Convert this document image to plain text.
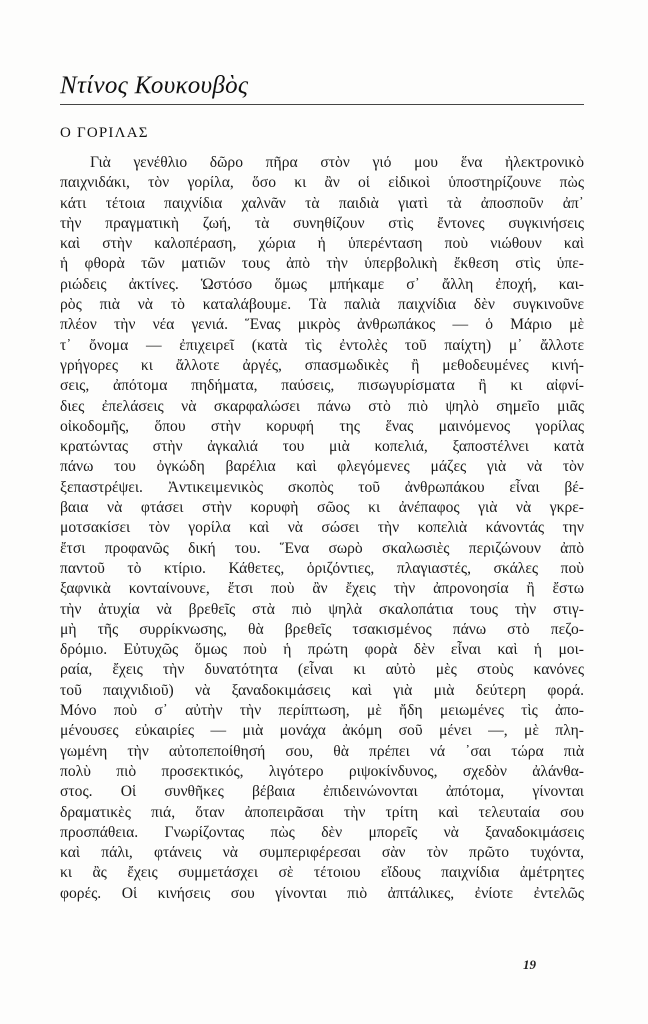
Ντίνος Κουκουβὸς
Ο ΓΟΡΙΛΑΣ
Γιὰ γενέθλιο δῶρο πῆρα στὸν γιό μου ἕνα ἠλεκτρονικὸ
παιχνιδάκι, τὸν γορίλα, ὅσο κι ἂν οἱ εἰδικοὶ ὑποστηρίζουνε πὼς
κάτι τέτοια παιχνίδια χαλνᾶν τὰ παιδιὰ γιατὶ τὰ ἀποσποῦν ἀπ᾽
τὴν πραγματικὴ ζωή, τὰ συνηθίζουν στὶς ἔντονες συγκινήσεις
καὶ στὴν καλοπέραση, χώρια ἡ ὑπερένταση ποὺ νιώθουν καὶ
ἡ φθορὰ τῶν ματιῶν τους ἀπὸ τὴν ὑπερβολικὴ ἔκθεση στὶς ὑπε-
ριώδεις ἀκτίνες. Ὡστόσο ὅμως μπήκαμε σ᾽ ἄλλη ἐποχή, και-
ρὸς πιὰ νὰ τὸ καταλάβουμε. Τὰ παλιὰ παιχνίδια δὲν συγκινοῦνε
πλέον τὴν νέα γενιά. Ἕνας μικρὸς ἀνθρωπάκος — ὁ Μάριο μὲ
τ᾽ ὄνομα — ἐπιχειρεῖ (κατὰ τὶς ἐντολὲς τοῦ παίχτη) μ᾽ ἄλλοτε
γρήγορες κι ἄλλοτε ἀργές, σπασμωδικὲς ἢ μεθοδευμένες κινή-
σεις, ἀπότομα πηδήματα, παύσεις, πισωγυρίσματα ἢ κι αἰφνί-
διες ἐπελάσεις νὰ σκαρφαλώσει πάνω στὸ πιὸ ψηλὸ σημεῖο μιᾶς
οἰκοδομῆς, ὅπου στὴν κορυφή της ἕνας μαινόμενος γορίλας
κρατώντας στὴν ἀγκαλιά του μιὰ κοπελιά, ξαποστέλνει κατὰ
πάνω του ὀγκώδη βαρέλια καὶ φλεγόμενες μάζες γιὰ νὰ τὸν
ξεπαστρέψει. Ἀντικειμενικὸς σκοπὸς τοῦ ἀνθρωπάκου εἶναι βέ-
βαια νὰ φτάσει στὴν κορυφὴ σῶος κι ἀνέπαφος γιὰ νὰ γκρε-
μοτσακίσει τὸν γορίλα καὶ νὰ σώσει τὴν κοπελιὰ κάνοντάς την
ἔτσι προφανῶς δική του. Ἕνα σωρὸ σκαλωσιὲς περιζώνουν ἀπὸ
παντοῦ τὸ κτίριο. Κάθετες, ὁριζόντιες, πλαγιαστές, σκάλες ποὺ
ξαφνικὰ κονταίνουνε, ἔτσι ποὺ ἂν ἔχεις τὴν ἀπρονοησία ἢ ἔστω
τὴν ἀτυχία νὰ βρεθεῖς στὰ πιὸ ψηλὰ σκαλοπάτια τους τὴν στιγ-
μὴ τῆς συρρίκνωσης, θὰ βρεθεῖς τσακισμένος πάνω στὸ πεζο-
δρόμιο. Εὐτυχῶς ὅμως ποὺ ἡ πρώτη φορὰ δὲν εἶναι καὶ ἡ μοι-
ραία, ἔχεις τὴν δυνατότητα (εἶναι κι αὐτὸ μὲς στοὺς κανόνες
τοῦ παιχνιδιοῦ) νὰ ξαναδοκιμάσεις καὶ γιὰ μιὰ δεύτερη φορά.
Μόνο ποὺ σ᾽ αὐτὴν τὴν περίπτωση, μὲ ἤδη μειωμένες τὶς ἀπο-
μένουσες εὐκαιρίες — μιὰ μονάχα ἀκόμη σοῦ μένει —, μὲ πλη-
γωμένη τὴν αὐτοπεποίθησή σου, θὰ πρέπει νά ᾽σαι τώρα πιὰ
πολὺ πιὸ προσεκτικός, λιγότερο ριψοκίνδυνος, σχεδὸν ἀλάνθα-
στος. Οἱ συνθῆκες βέβαια ἐπιδεινώνονται ἀπότομα, γίνονται
δραματικὲς πιά, ὅταν ἀποπειρᾶσαι τὴν τρίτη καὶ τελευταία σου
προσπάθεια. Γνωρίζοντας πὼς δὲν μπορεῖς νὰ ξαναδοκιμάσεις
καὶ πάλι, φτάνεις νὰ συμπεριφέρεσαι σὰν τὸν πρῶτο τυχόντα,
κι ἂς ἔχεις συμμετάσχει σὲ τέτοιου εἴδους παιχνίδια ἀμέτρητες
φορές. Οἱ κινήσεις σου γίνονται πιὸ ἀπτάλικες, ἐνίοτε ἐντελῶς
19
